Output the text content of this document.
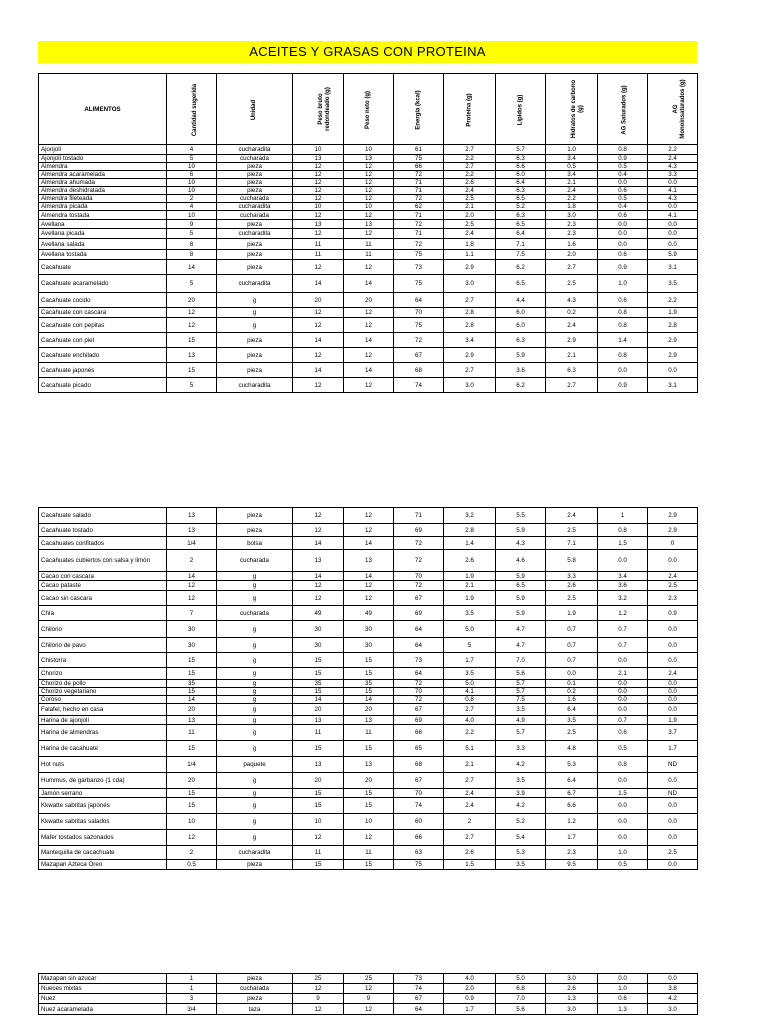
ACEITES Y GRASAS CON PROTEINA
ALIMENTOS	Cantidad sugerida	Unidad	Peso bruto redondeado (g)	Peso neto (g)	Energía (kcal)	Proteína (g)	Lípidos (g)	Hidratos de carbono (g)	AG Saturados (g)	AG Monoinsaturados (g)
Ajonjolí	4	cucharadita	10	10	61	2.7	5.7	1.0	0.8	2.2
Ajonjolí tostado	5	cucharada	13	13	75	2.2	6.3	3.4	0.9	2.4
Almendra	10	pieza	12	12	66	2.7	6.6	0.5	0.5	4.3
Almendra acaramelada	6	pieza	12	12	72	2.2	6.0	3.4	0.4	3.3
Almendra ahumada	10	pieza	12	12	71	2.6	6.4	2.1	0.0	0.0
Almendra deshidratada	10	pieza	12	12	71	2.4	6.3	2.4	0.6	4.1
Almendra fileteada	2	cucharada	12	12	72	2.5	6.5	2.2	0.5	4.3
Almendra picada	4	cucharadita	10	10	62	2.1	5.2	1.8	0.4	0.0
Almendra tostada	10	cucharada	12	12	71	2.0	6.3	3.0	0.6	4.1
Avellana	9	pieza	13	13	72	2.5	6.5	2.3	0.0	0.0
Avellana picada	5	cucharadita	12	12	71	2.4	6.4	2.3	0.0	0.0
Avellana salada	8	pieza	11	11	72	1.8	7.1	1.6	0.0	0.0
Avellana tostada	8	pieza	11	11	75	1.1	7.5	2.0	0.6	5.9
Cacahuate	14	pieza	12	12	73	2.9	6.2	2.7	0.9	3.1
Cacahuate acaramelado	5	cucharadita	14	14	75	3.0	6.5	2.5	1.0	3.5
Cacahuate cocido	20	g	20	20	64	2.7	4.4	4.3	0.6	2.2
Cacahuate con cascara	12	g	12	12	70	2.8	6.0	0.2	0.8	1.9
Cacahuate con pepitas	12	g	12	12	75	2.8	6.0	2.4	0.8	2.8
Cacahuate con piel	15	pieza	14	14	72	3.4	6.3	2.9	1.4	2.9
Cacahuate enchilado	13	pieza	12	12	67	2.9	5.9	2.1	0.8	2.9
Cacahuate japonés	15	pieza	14	14	68	2.7	3.6	6.3	0.0	0.0
Cacahuate picado	5	cucharadita	12	12	74	3.0	6.2	2.7	0.9	3.1
Cacahuate salado	13	pieza	12	12	71	3.2	5.5	2.4	1	2.9
Cacahuate tostado	13	pieza	12	12	69	2.8	5.9	2.5	0.8	2.9
Cacahuates confitados	1/4	bolsa	14	14	72	1.4	4.3	7.1	1.5	0
Cacahuates cubiertos con salsa y limón	2	cucharada	13	13	72	2.6	4.6	5.8	0.0	0.0
Cacao con cascara	14	g	14	14	70	1.9	5.9	3.3	3.4	2.4
Cacao pataste	12	g	12	12	72	2.1	6.5	2.6	3.6	2.5
Cacao sin cascara	12	g	12	12	67	1.9	5.9	2.5	3.2	2.3
Chía	7	cucharada	49	49	69	3.5	5.9	1.9	1.2	0.9
Chilorio	30	g	30	30	64	5.0	4.7	0.7	0.7	0.0
Chilorio de pavo	30	g	30	30	64	5	4.7	0.7	0.7	0.0
Chistorra	15	g	15	15	73	1.7	7.0	0.7	0.0	0.0
Chorizo	15	g	15	15	64	3.5	5.6	0.0	2.1	2.4
Chorizo de pollo	35	g	35	35	72	5.0	5.7	0.1	0.0	0.0
Chorizo vegetariano	15	g	15	15	70	4.1	5.7	0.2	0.0	0.0
Coroso	14	g	14	14	72	0.8	7.5	1.6	0.0	0.0
Falafel, hecho en casa	20	g	20	20	67	2.7	3.5	6.4	0.0	0.0
Harina de ajonjolí	13	g	13	13	69	4.0	4.9	3.5	0.7	1.9
Harina de almendras	11	g	11	11	66	2.2	5.7	2.5	0.6	3.7
Harina de cacahuate	15	g	15	15	65	5.1	3.3	4.8	0.5	1.7
Hot nuts	1/4	paquete	13	13	68	2.1	4.2	5.3	0.8	ND
Hummus, de garbanzo (1 cda)	20	g	20	20	67	2.7	3.5	6.4	0.0	0.0
Jamón serrano	15	g	15	15	70	2.4	3.9	6.7	1.5	ND
Kkwatte sabritas japonés	15	g	15	15	74	2.4	4.2	6.6	0.0	0.0
Kkwatte sabritas salados	10	g	10	10	60	2	5.2	1.2	0.0	0.0
Mafer tostados sazonados	12	g	12	12	66	2.7	5.4	1.7	0.0	0.0
Mantequilla de cacachuate	2	cucharadita	11	11	63	2.6	5.3	2.3	1.0	2.5
Mazapan Azteca Oreo	0.5	pieza	15	15	75	1.5	3.5	9.5	0.5	0.0
Mazapan sin azucar	1	pieza	25	25	73	4.0	5.0	3.0	0.0	0.0
Nueces mixtas	1	cucharada	12	12	74	2.0	6.8	2.6	1.0	3.8
Nuez	3	pieza	9	9	67	0.9	7.0	1.3	0.6	4.2
Nuez acaramelada	3/4	taza	12	12	64	1.7	5.6	3.0	1.3	3.0
